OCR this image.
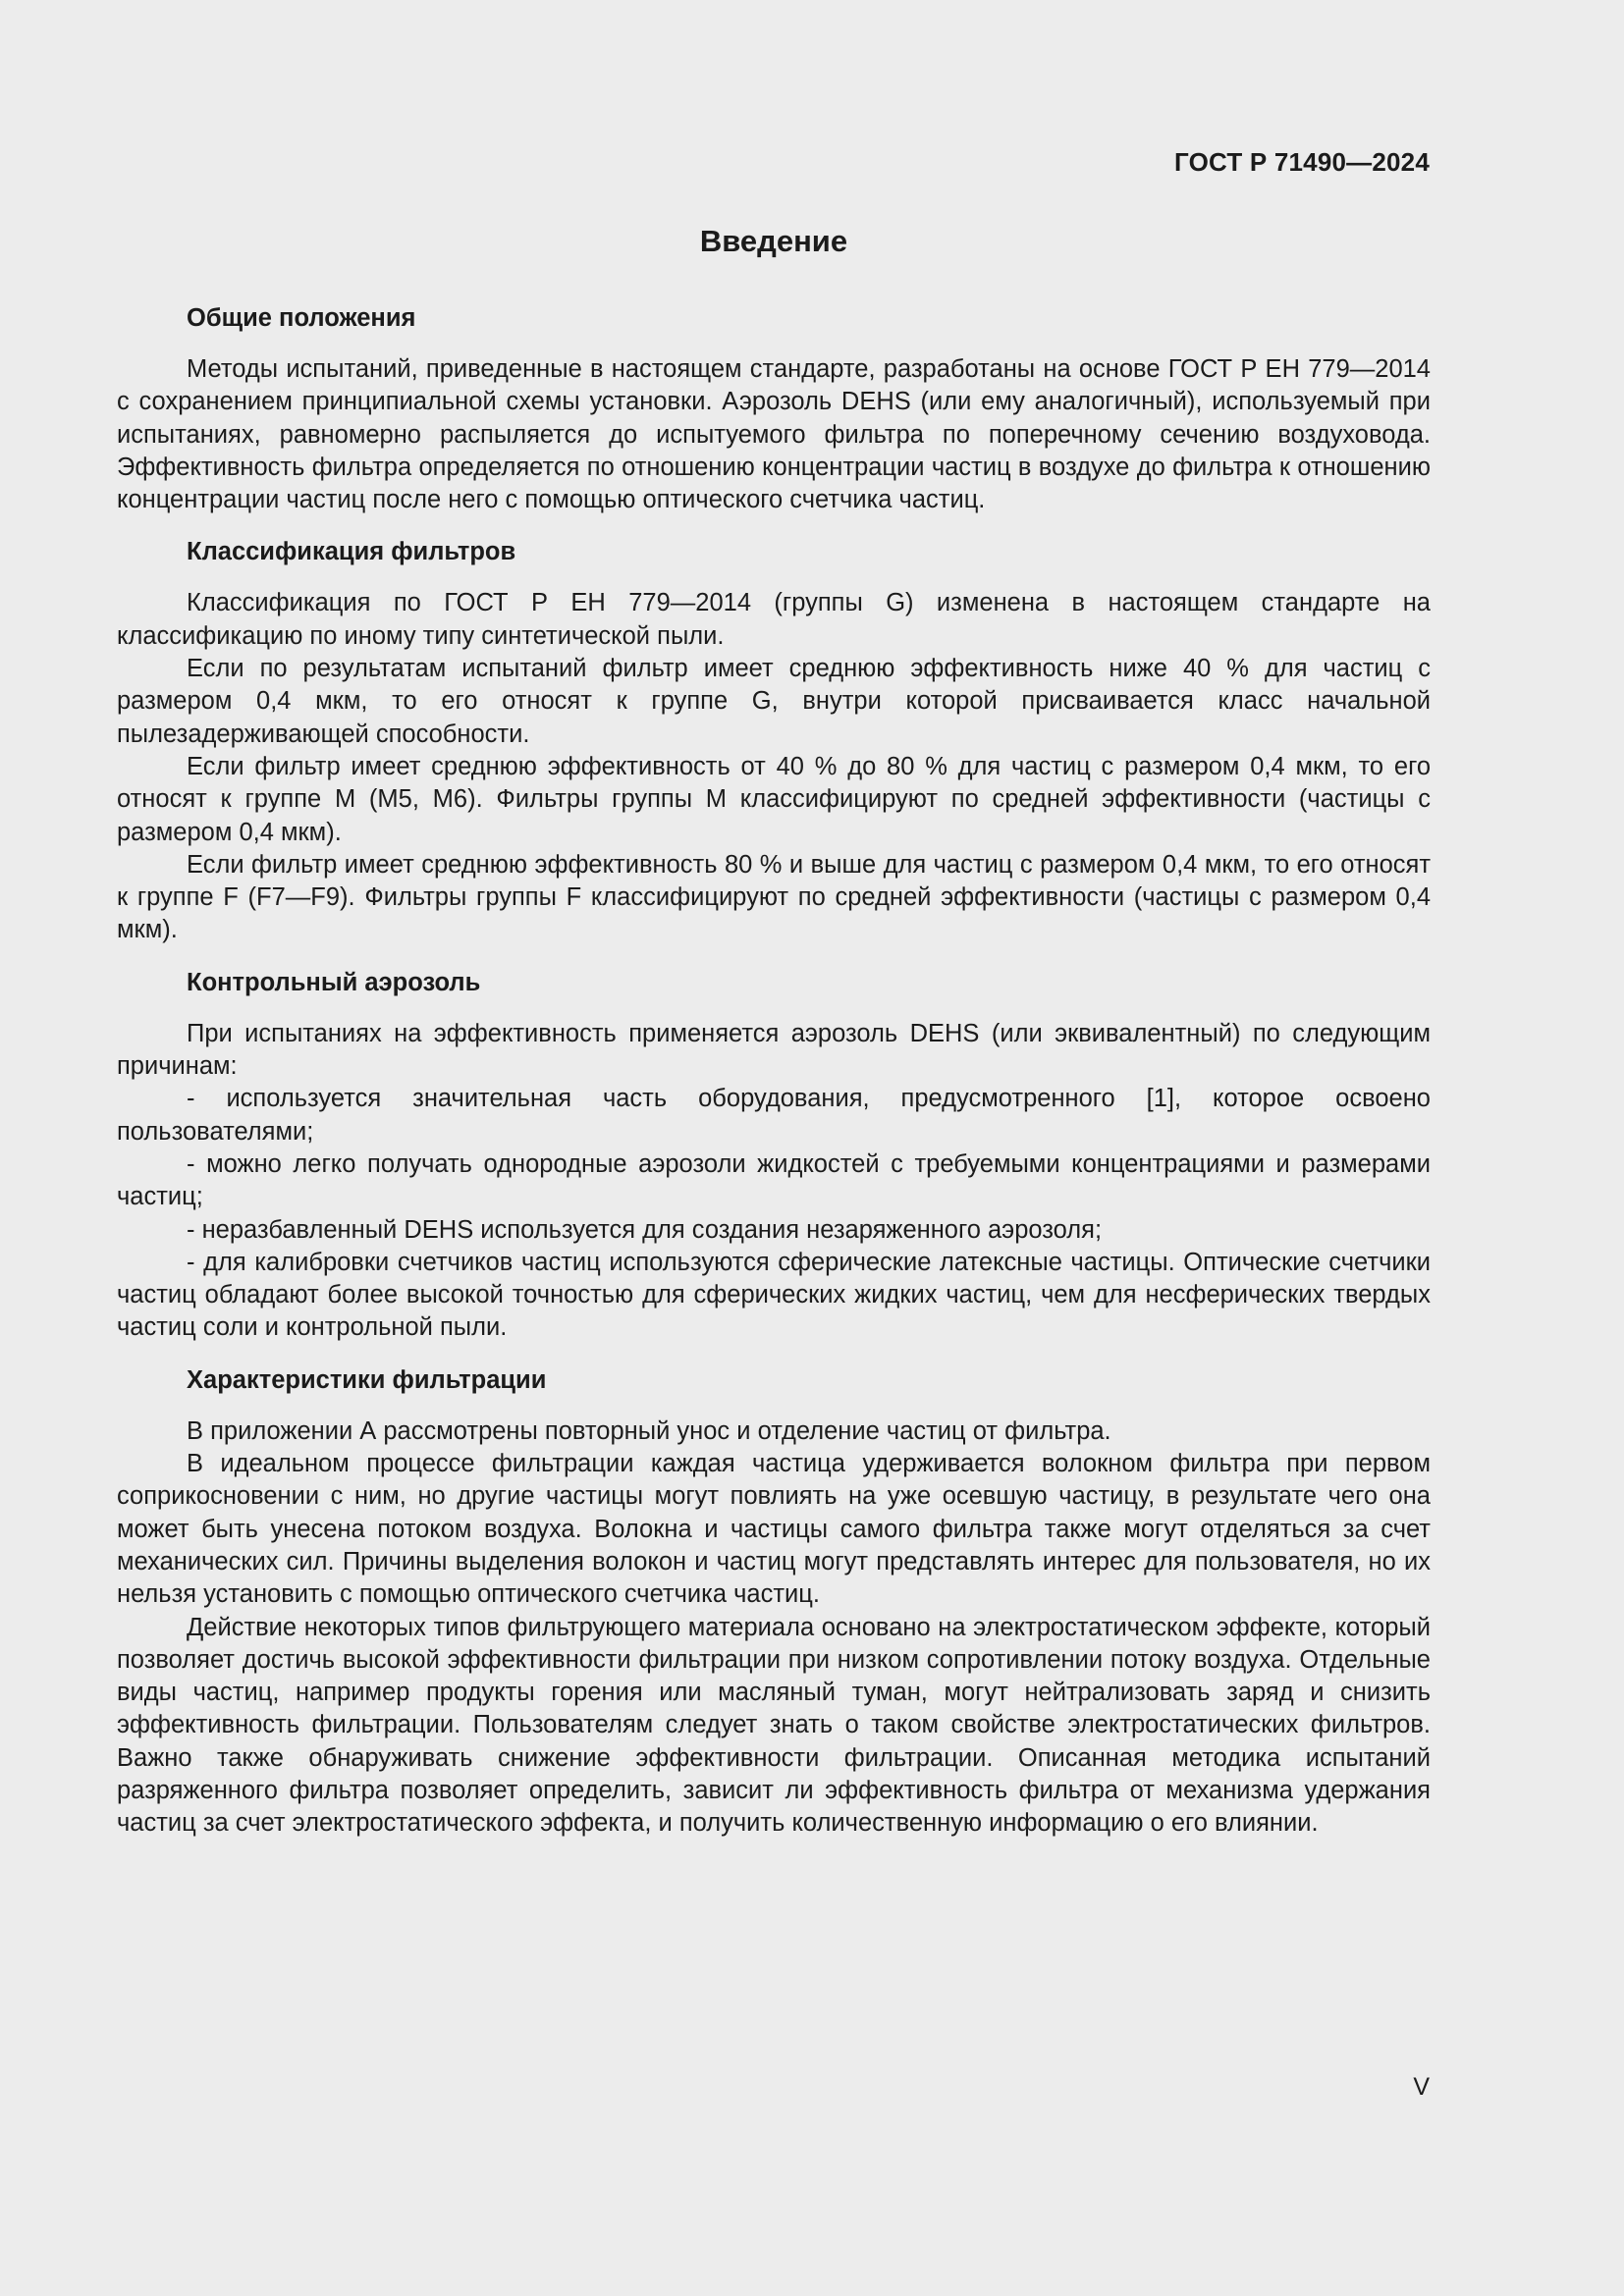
ГОСТ Р 71490—2024
Введение
Общие положения

Методы испытаний, приведенные в настоящем стандарте, разработаны на основе ГОСТ Р ЕН 779—2014 с сохранением принципиальной схемы установки. Аэрозоль DEHS (или ему аналогичный), используемый при испытаниях, равномерно распыляется до испытуемого фильтра по поперечному сечению воздуховода. Эффективность фильтра определяется по отношению концентрации частиц в воздухе до фильтра к отношению концентрации частиц после него с помощью оптического счетчика частиц.

Классификация фильтров

Классификация по ГОСТ Р ЕН 779—2014 (группы G) изменена в настоящем стандарте на классификацию по иному типу синтетической пыли.

Если по результатам испытаний фильтр имеет среднюю эффективность ниже 40 % для частиц с размером 0,4 мкм, то его относят к группе G, внутри которой присваивается класс начальной пылезадерживающей способности.

Если фильтр имеет среднюю эффективность от 40 % до 80 % для частиц с размером 0,4 мкм, то его относят к группе M (M5, M6). Фильтры группы M классифицируют по средней эффективности (частицы с размером 0,4 мкм).

Если фильтр имеет среднюю эффективность 80 % и выше для частиц с размером 0,4 мкм, то его относят к группе F (F7—F9). Фильтры группы F классифицируют по средней эффективности (частицы с размером 0,4 мкм).

Контрольный аэрозоль

При испытаниях на эффективность применяется аэрозоль DEHS (или эквивалентный) по следующим причинам:

- используется значительная часть оборудования, предусмотренного [1], которое освоено пользователями;

- можно легко получать однородные аэрозоли жидкостей с требуемыми концентрациями и размерами частиц;

- неразбавленный DEHS используется для создания незаряженного аэрозоля;

- для калибровки счетчиков частиц используются сферические латексные частицы. Оптические счетчики частиц обладают более высокой точностью для сферических жидких частиц, чем для несферических твердых частиц соли и контрольной пыли.

Характеристики фильтрации

В приложении А рассмотрены повторный унос и отделение частиц от фильтра.

В идеальном процессе фильтрации каждая частица удерживается волокном фильтра при первом соприкосновении с ним, но другие частицы могут повлиять на уже осевшую частицу, в результате чего она может быть унесена потоком воздуха. Волокна и частицы самого фильтра также могут отделяться за счет механических сил. Причины выделения волокон и частиц могут представлять интерес для пользователя, но их нельзя установить с помощью оптического счетчика частиц.

Действие некоторых типов фильтрующего материала основано на электростатическом эффекте, который позволяет достичь высокой эффективности фильтрации при низком сопротивлении потоку воздуха. Отдельные виды частиц, например продукты горения или масляный туман, могут нейтрализовать заряд и снизить эффективность фильтрации. Пользователям следует знать о таком свойстве электростатических фильтров. Важно также обнаруживать снижение эффективности фильтрации. Описанная методика испытаний разряженного фильтра позволяет определить, зависит ли эффективность фильтра от механизма удержания частиц за счет электростатического эффекта, и получить количественную информацию о его влиянии.

V
